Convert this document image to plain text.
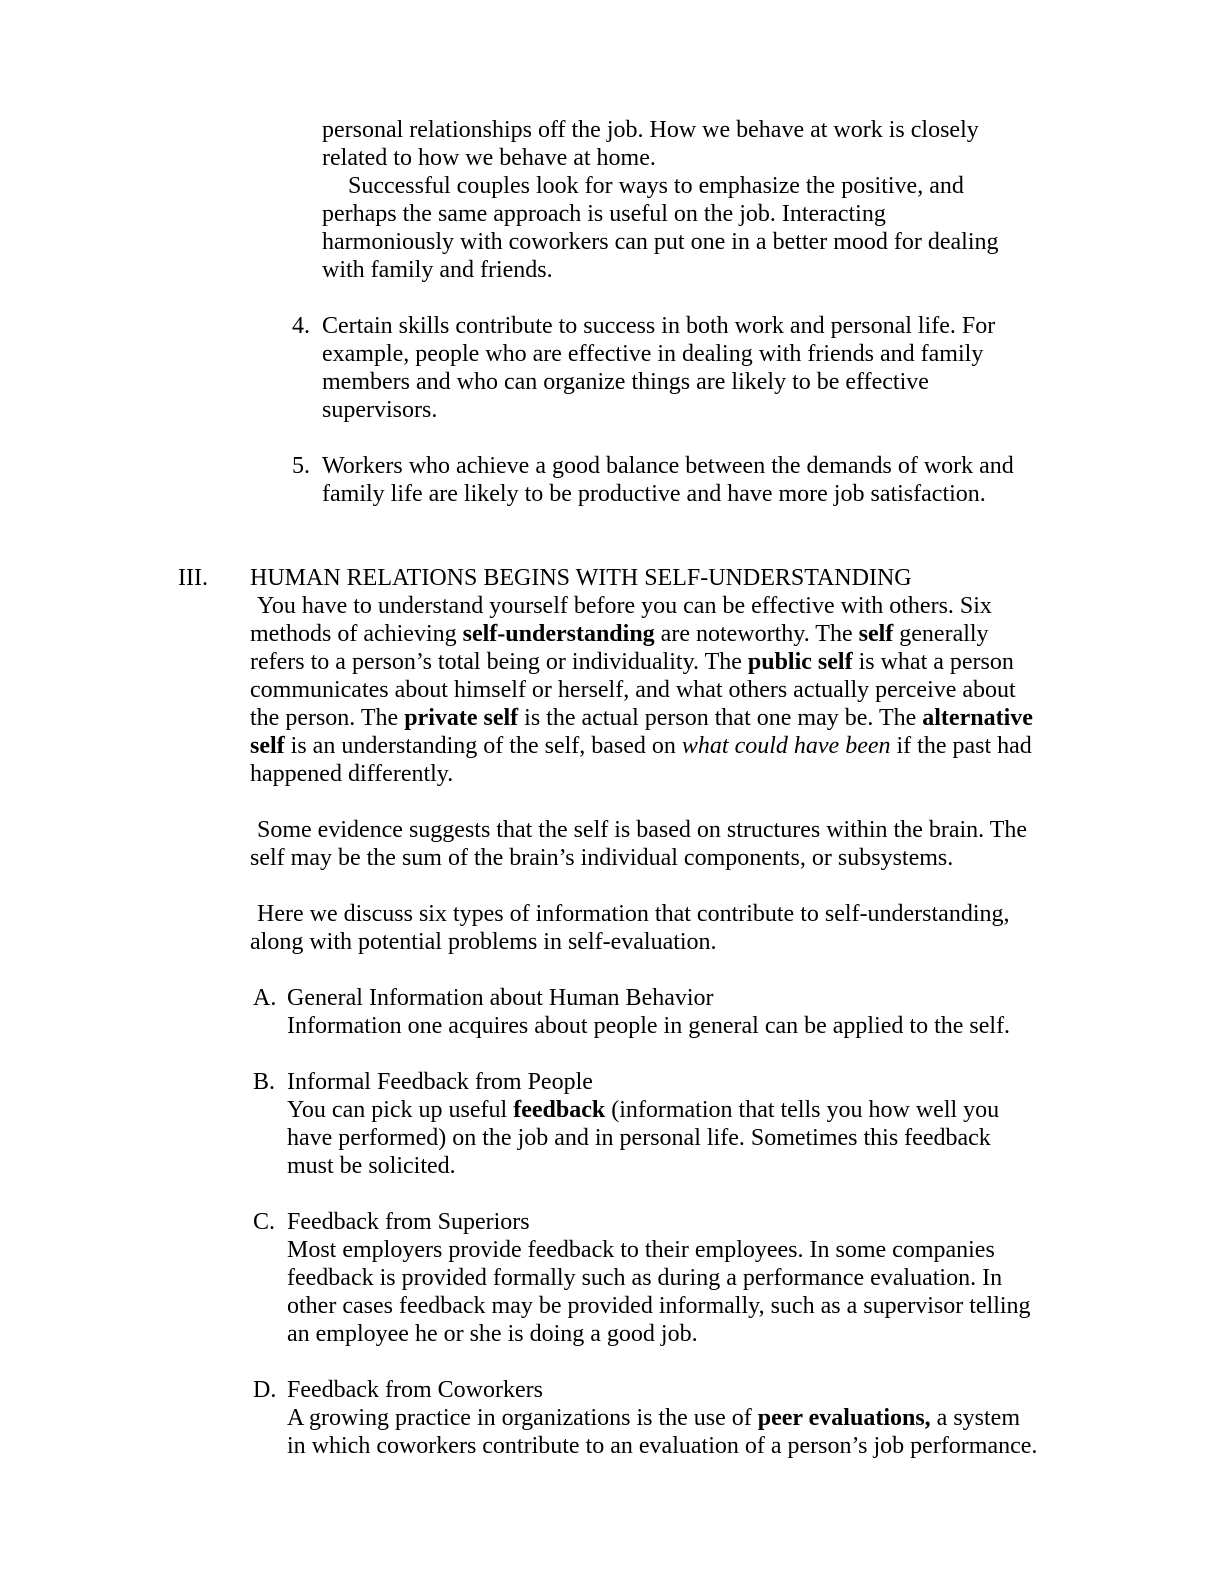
personal relationships off the job. How we behave at work is closely related to how we behave at home.

Successful couples look for ways to emphasize the positive, and perhaps the same approach is useful on the job. Interacting harmoniously with coworkers can put one in a better mood for dealing with family and friends.

4. Certain skills contribute to success in both work and personal life. For example, people who are effective in dealing with friends and family members and who can organize things are likely to be effective supervisors.
5. Workers who achieve a good balance between the demands of work and family life are likely to be productive and have more job satisfaction.
III.	HUMAN RELATIONS BEGINS WITH SELF-UNDERSTANDING

You have to understand yourself before you can be effective with others. Six methods of achieving self-understanding are noteworthy. The self generally refers to a person’s total being or individuality. The public self is what a person communicates about himself or herself, and what others actually perceive about the person. The private self is the actual person that one may be. The alternative self is an understanding of the self, based on what could have been if the past had happened differently.

Some evidence suggests that the self is based on structures within the brain. The self may be the sum of the brain’s individual components, or subsystems.

Here we discuss six types of information that contribute to self-understanding, along with potential problems in self-evaluation.

A. General Information about Human Behavior
Information one acquires about people in general can be applied to the self.
B. Informal Feedback from People
You can pick up useful feedback (information that tells you how well you have performed) on the job and in personal life. Sometimes this feedback must be solicited.
C. Feedback from Superiors
Most employers provide feedback to their employees. In some companies feedback is provided formally such as during a performance evaluation. In other cases feedback may be provided informally, such as a supervisor telling an employee he or she is doing a good job.
D. Feedback from Coworkers
A growing practice in organizations is the use of peer evaluations, a system in which coworkers contribute to an evaluation of a person’s job performance.
